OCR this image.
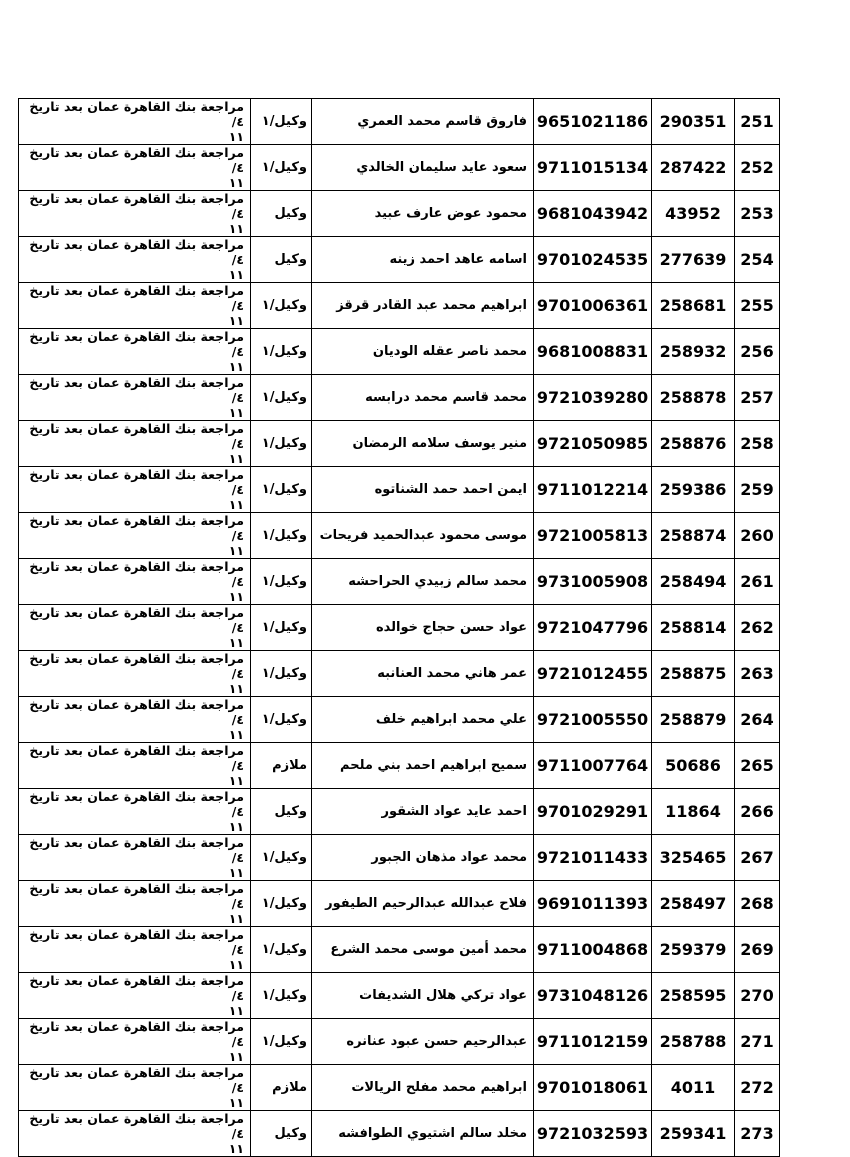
251	290351	9651021186	فاروق قاسم محمد العمري	وكيل/١	مراجعة بنك القاهرة عمان بعد تاريخ ٤/
١١

252	287422	9711015134	سعود عايد سليمان الخالدي	وكيل/١	مراجعة بنك القاهرة عمان بعد تاريخ ٤/
١١

253	43952	9681043942	محمود عوض عارف عبيد	وكيل	مراجعة بنك القاهرة عمان بعد تاريخ ٤/
١١

254	277639	9701024535	اسامه عاهد احمد زينه	وكيل	مراجعة بنك القاهرة عمان بعد تاريخ ٤/
١١

255	258681	9701006361	ابراهيم محمد عبد القادر قرقز	وكيل/١	مراجعة بنك القاهرة عمان بعد تاريخ ٤/
١١

256	258932	9681008831	محمد ناصر عقله الوديان	وكيل/١	مراجعة بنك القاهرة عمان بعد تاريخ ٤/
١١

257	258878	9721039280	محمد قاسم محمد درابسه	وكيل/١	مراجعة بنك القاهرة عمان بعد تاريخ ٤/
١١

258	258876	9721050985	منير يوسف سلامه الرمضان	وكيل/١	مراجعة بنك القاهرة عمان بعد تاريخ ٤/
١١

259	259386	9711012214	ايمن احمد حمد الشناتوه	وكيل/١	مراجعة بنك القاهرة عمان بعد تاريخ ٤/
١١

260	258874	9721005813	موسى محمود عبدالحميد فريحات	وكيل/١	مراجعة بنك القاهرة عمان بعد تاريخ ٤/
١١

261	258494	9731005908	محمد سالم زبيدي الحراحشه	وكيل/١	مراجعة بنك القاهرة عمان بعد تاريخ ٤/
١١

262	258814	9721047796	عواد حسن حجاج خوالده	وكيل/١	مراجعة بنك القاهرة عمان بعد تاريخ ٤/
١١

263	258875	9721012455	عمر هاني محمد العنانبه	وكيل/١	مراجعة بنك القاهرة عمان بعد تاريخ ٤/
١١

264	258879	9721005550	علي محمد ابراهيم خلف	وكيل/١	مراجعة بنك القاهرة عمان بعد تاريخ ٤/
١١

265	50686	9711007764	سميح ابراهيم احمد بني ملحم	ملازم	مراجعة بنك القاهرة عمان بعد تاريخ ٤/
١١

266	11864	9701029291	احمد عايد عواد الشقور	وكيل	مراجعة بنك القاهرة عمان بعد تاريخ ٤/
١١

267	325465	9721011433	محمد عواد مذهان الجبور	وكيل/١	مراجعة بنك القاهرة عمان بعد تاريخ ٤/
١١

268	258497	9691011393	فلاح عبدالله عبدالرحيم الطيفور	وكيل/١	مراجعة بنك القاهرة عمان بعد تاريخ ٤/
١١

269	259379	9711004868	محمد أمين موسى محمد الشرع	وكيل/١	مراجعة بنك القاهرة عمان بعد تاريخ ٤/
١١

270	258595	9731048126	عواد تركي هلال الشديفات	وكيل/١	مراجعة بنك القاهرة عمان بعد تاريخ ٤/
١١

271	258788	9711012159	عبدالرحيم حسن عبود عنانره	وكيل/١	مراجعة بنك القاهرة عمان بعد تاريخ ٤/
١١

272	4011	9701018061	ابراهيم محمد مفلح الريالات	ملازم	مراجعة بنك القاهرة عمان بعد تاريخ ٤/
١١

273	259341	9721032593	مخلد سالم اشتيوي الطوافشه	وكيل	مراجعة بنك القاهرة عمان بعد تاريخ ٤/
١١
